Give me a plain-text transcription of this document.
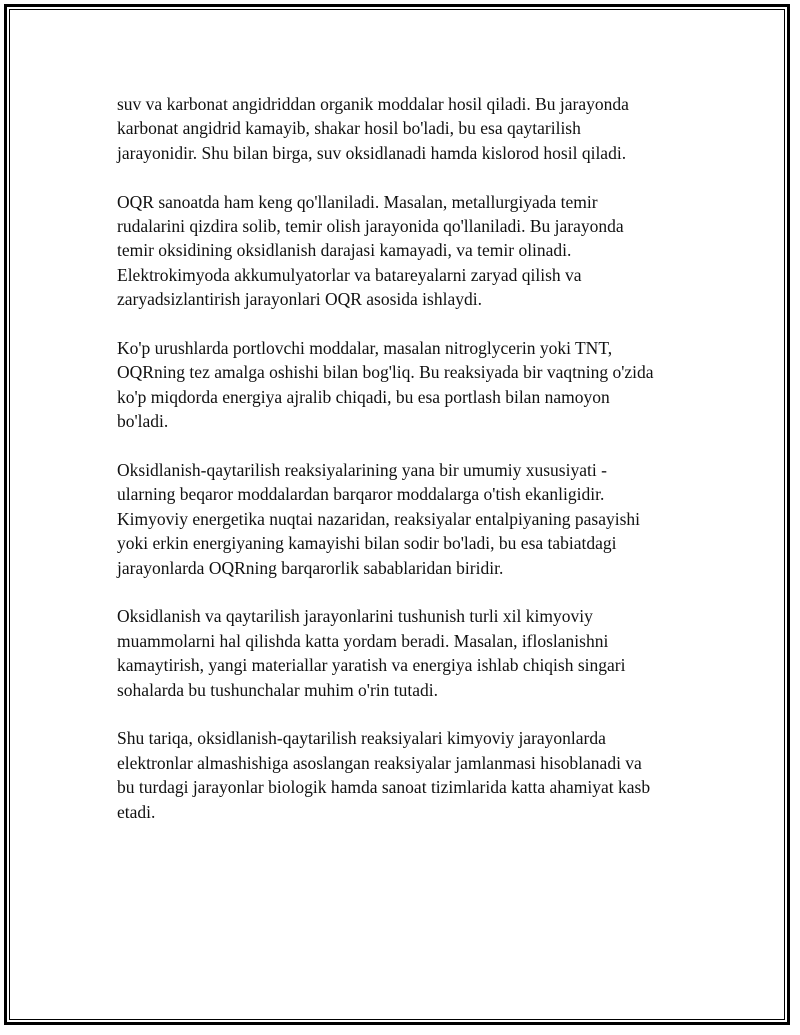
suv va karbonat angidriddan organik moddalar hosil qiladi. Bu jarayonda
karbonat angidrid kamayib, shakar hosil bo'ladi, bu esa qaytarilish
jarayonidir. Shu bilan birga, suv oksidlanadi hamda kislorod hosil qiladi.

OQR sanoatda ham keng qo'llaniladi. Masalan, metallurgiyada temir
rudalarini qizdira solib, temir olish jarayonida qo'llaniladi. Bu jarayonda
temir oksidining oksidlanish darajasi kamayadi, va temir olinadi.
Elektrokimyoda akkumulyatorlar va batareyalarni zaryad qilish va
zaryadsizlantirish jarayonlari OQR asosida ishlaydi.

Ko'p urushlarda portlovchi moddalar, masalan nitroglycerin yoki TNT,
OQRning tez amalga oshishi bilan bog'liq. Bu reaksiyada bir vaqtning o'zida
ko'p miqdorda energiya ajralib chiqadi, bu esa portlash bilan namoyon
bo'ladi.

Oksidlanish-qaytarilish reaksiyalarining yana bir umumiy xususiyati -
ularning beqaror moddalardan barqaror moddalarga o'tish ekanligidir.
Kimyoviy energetika nuqtai nazaridan, reaksiyalar entalpiyaning pasayishi
yoki erkin energiyaning kamayishi bilan sodir bo'ladi, bu esa tabiatdagi
jarayonlarda OQRning barqarorlik sabablaridan biridir.

Oksidlanish va qaytarilish jarayonlarini tushunish turli xil kimyoviy
muammolarni hal qilishda katta yordam beradi. Masalan, ifloslanishni
kamaytirish, yangi materiallar yaratish va energiya ishlab chiqish singari
sohalarda bu tushunchalar muhim o'rin tutadi.

Shu tariqa, oksidlanish-qaytarilish reaksiyalari kimyoviy jarayonlarda
elektronlar almashishiga asoslangan reaksiyalar jamlanmasi hisoblanadi va
bu turdagi jarayonlar biologik hamda sanoat tizimlarida katta ahamiyat kasb
etadi.
